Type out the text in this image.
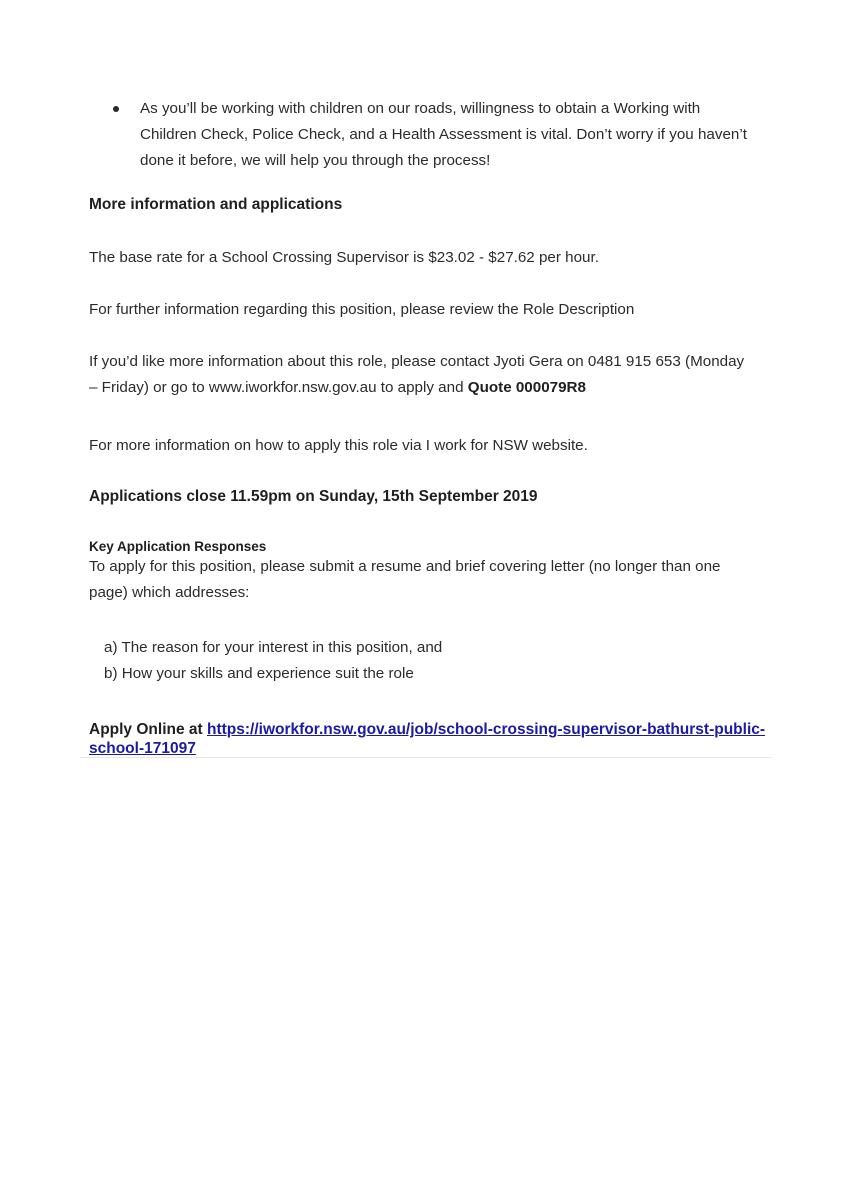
As you’ll be working with children on our roads, willingness to obtain a Working with Children Check, Police Check, and a Health Assessment is vital. Don’t worry if you haven’t done it before, we will help you through the process!
More information and applications
The base rate for a School Crossing Supervisor is $23.02 - $27.62 per hour.
For further information regarding this position, please review the Role Description
If you’d like more information about this role, please contact Jyoti Gera on 0481 915 653 (Monday – Friday) or go to www.iworkfor.nsw.gov.au to apply and Quote 000079R8
For more information on how to apply this role via I work for NSW website.
Applications close 11.59pm on Sunday, 15th September 2019
Key Application Responses
To apply for this position, please submit a resume and brief covering letter (no longer than one page) which addresses:
a) The reason for your interest in this position, and
b) How your skills and experience suit the role
Apply Online at https://iworkfor.nsw.gov.au/job/school-crossing-supervisor-bathurst-public-school-171097
